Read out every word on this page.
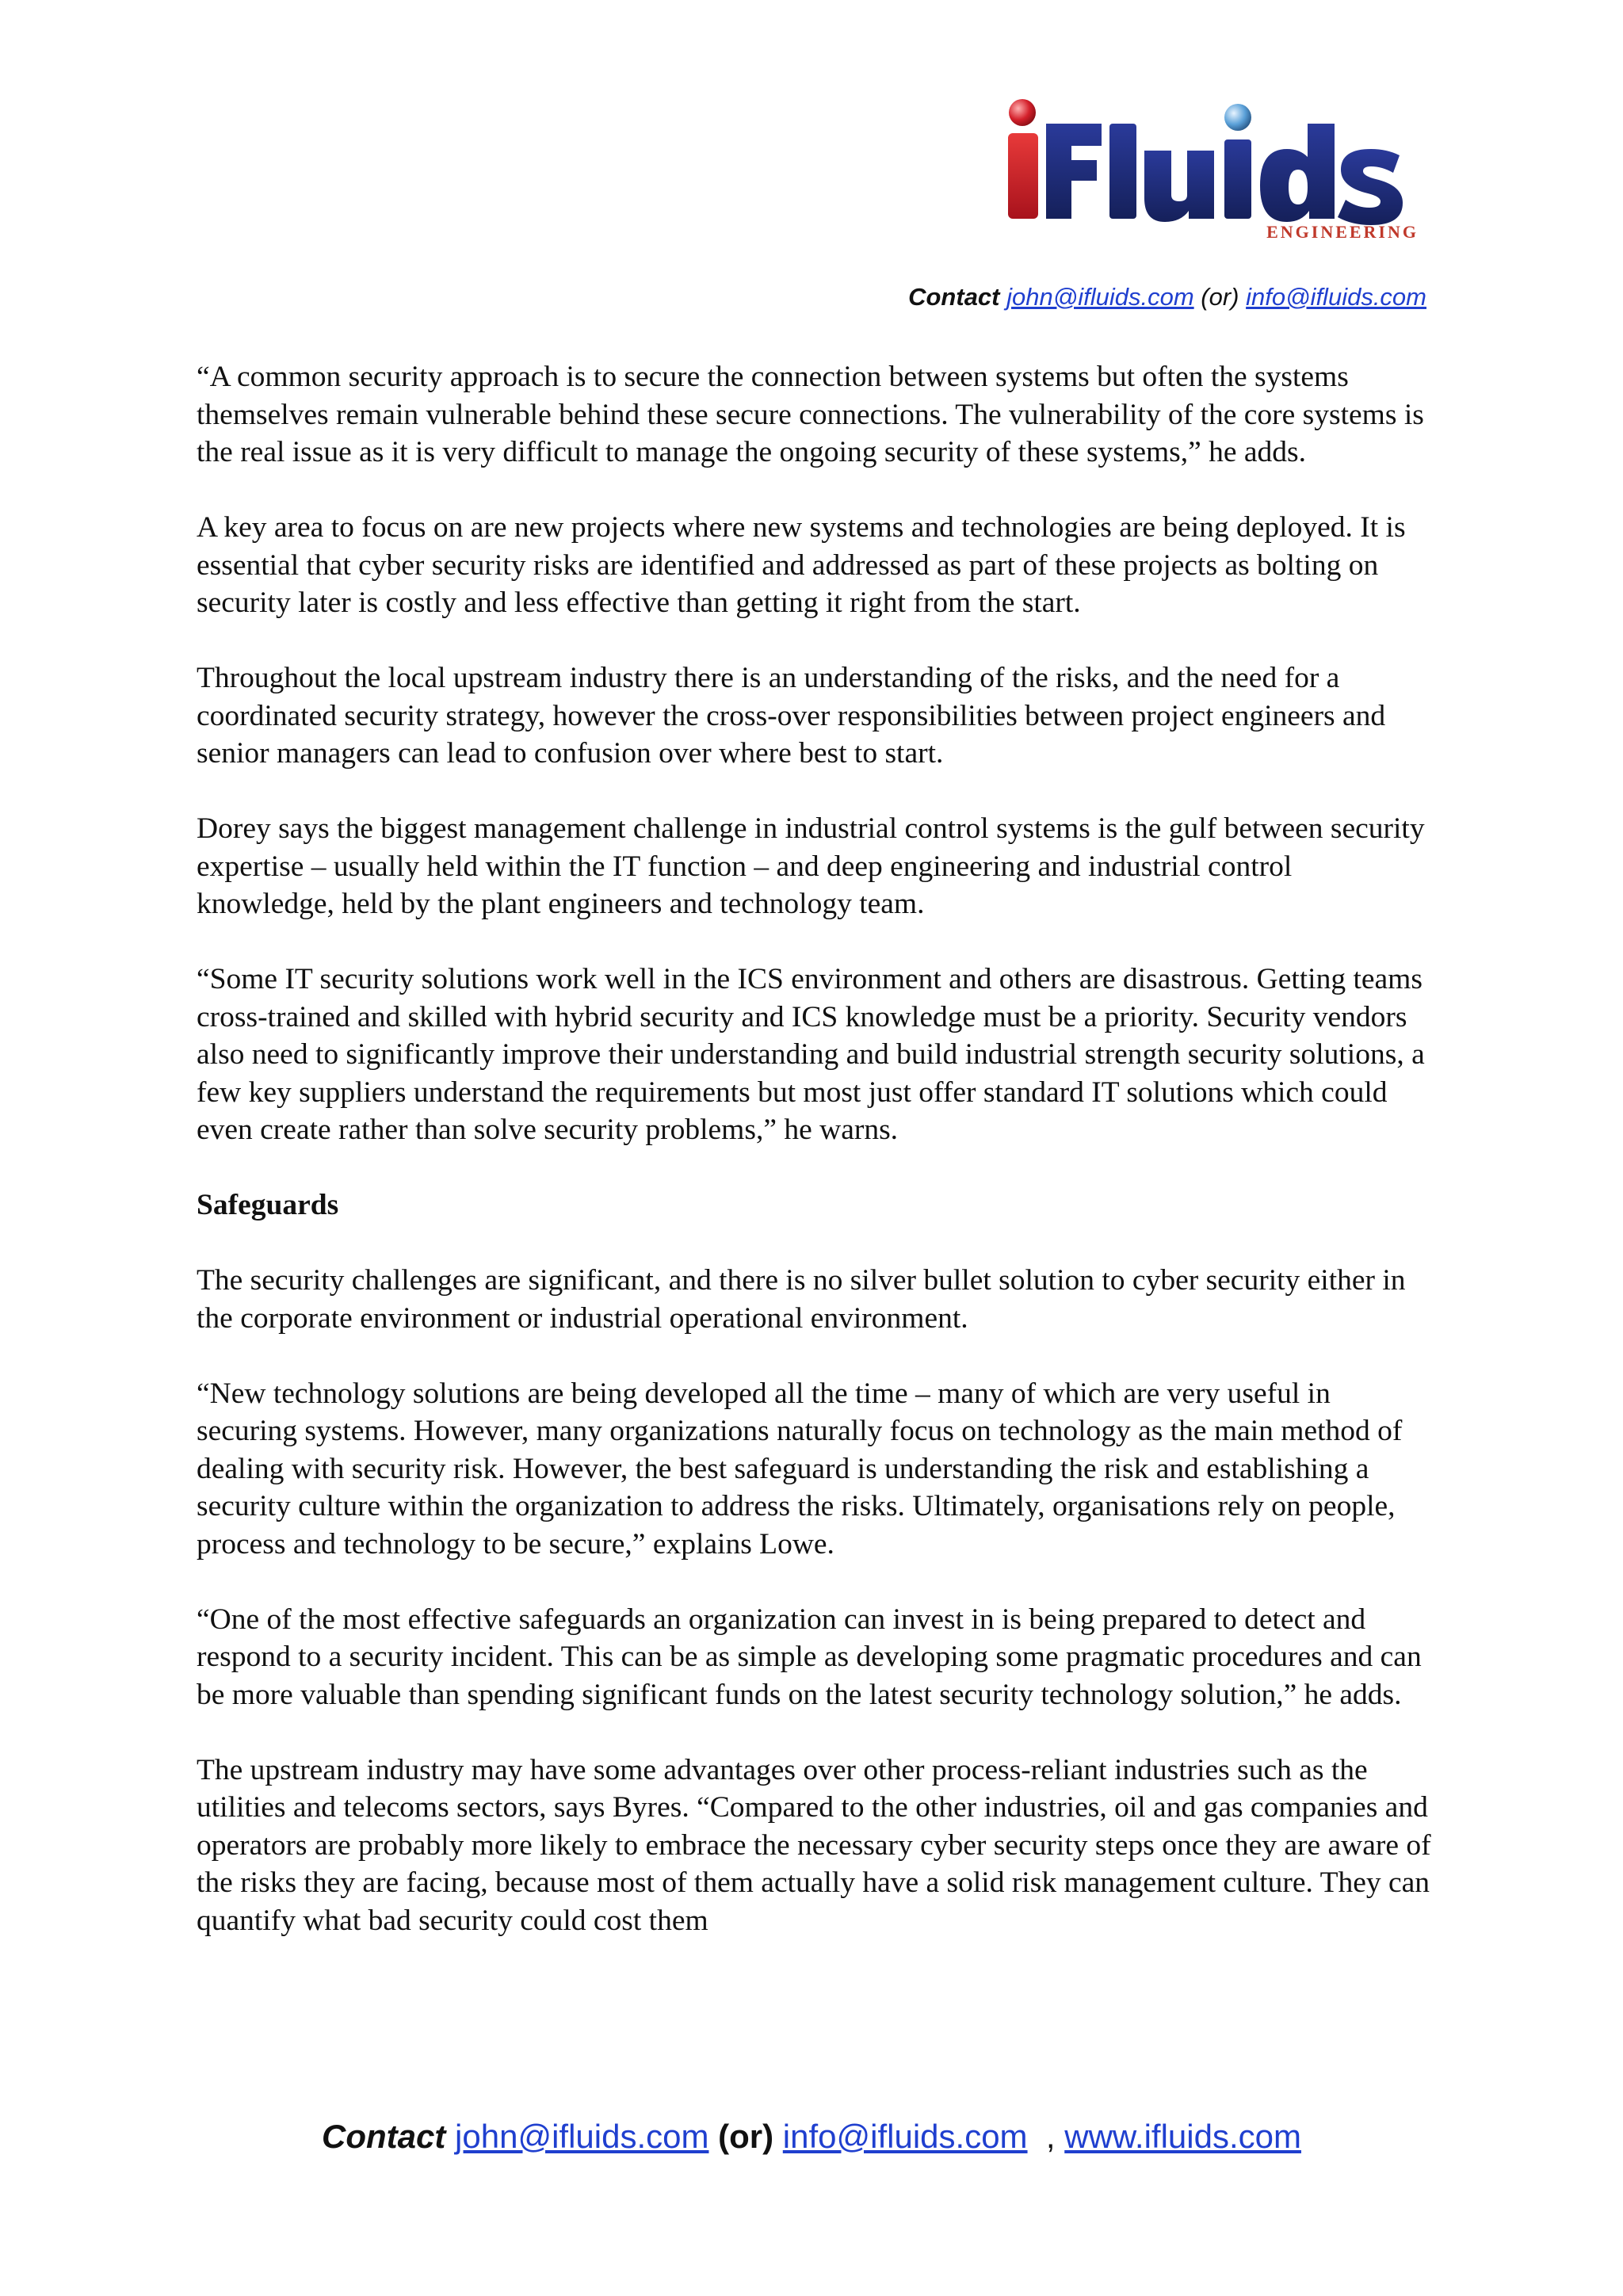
ENGINEERING
Contact john@ifluids.com (or) info@ifluids.com

“A common security approach is to secure the connection between systems but often the systems themselves remain vulnerable behind these secure connections. The vulnerability of the core systems is the real issue as it is very difficult to manage the ongoing security of these systems,” he adds.

A key area to focus on are new projects where new systems and technologies are being deployed. It is essential that cyber security risks are identified and addressed as part of these projects as bolting on security later is costly and less effective than getting it right from the start.

Throughout the local upstream industry there is an understanding of the risks, and the need for a coordinated security strategy, however the cross-over responsibilities between project engineers and senior managers can lead to confusion over where best to start.

Dorey says the biggest management challenge in industrial control systems is the gulf between security expertise – usually held within the IT function – and deep engineering and industrial control knowledge, held by the plant engineers and technology team.

“Some IT security solutions work well in the ICS environment and others are disastrous. Getting teams cross-trained and skilled with hybrid security and ICS knowledge must be a priority. Security vendors also need to significantly improve their understanding and build industrial strength security solutions, a few key suppliers understand the requirements but most just offer standard IT solutions which could even create rather than solve security problems,” he warns.

Safeguards

The security challenges are significant, and there is no silver bullet solution to cyber security either in the corporate environment or industrial operational environment.

“New technology solutions are being developed all the time – many of which are very useful in securing systems. However, many organizations naturally focus on technology as the main method of dealing with security risk. However, the best safeguard is understanding the risk and establishing a security culture within the organization to address the risks. Ultimately, organisations rely on people, process and technology to be secure,” explains Lowe.

“One of the most effective safeguards an organization can invest in is being prepared to detect and respond to a security incident. This can be as simple as developing some pragmatic procedures and can be more valuable than spending significant funds on the latest security technology solution,” he adds.

The upstream industry may have some advantages over other process-reliant industries such as the utilities and telecoms sectors, says Byres. “Compared to the other industries, oil and gas companies and operators are probably more likely to embrace the necessary cyber security steps once they are aware of the risks they are facing, because most of them actually have a solid risk management culture. They can quantify what bad security could cost them

Contact john@ifluids.com (or) info@ifluids.com , www.ifluids.com
